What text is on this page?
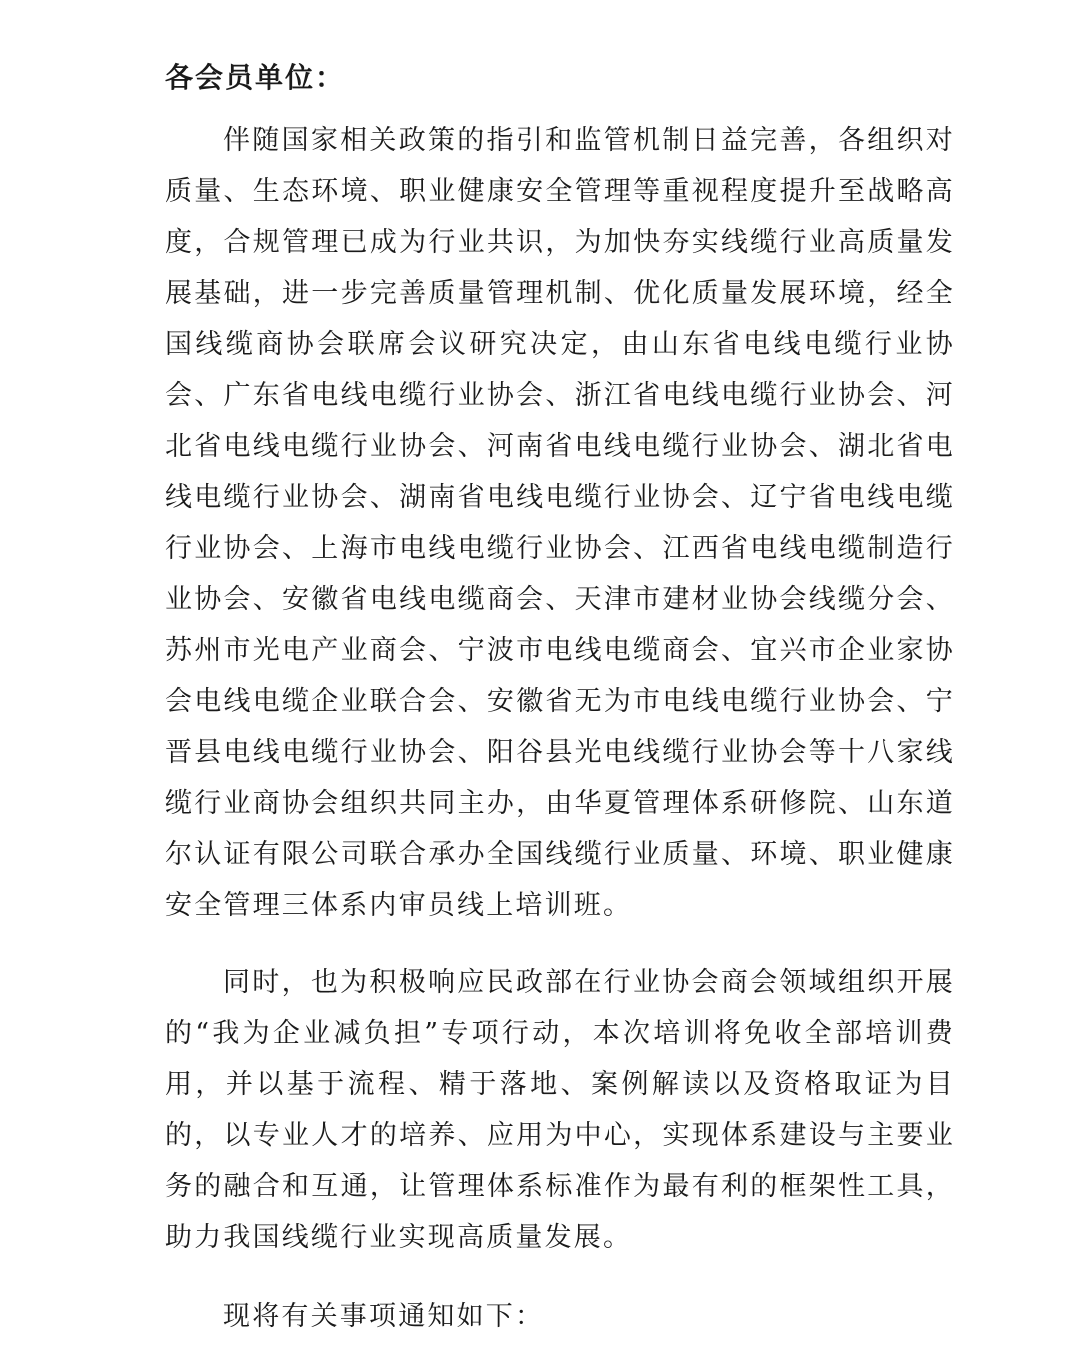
各会员单位：

伴随国家相关政策的指引和监管机制日益完善，各组织对质量、生态环境、职业健康安全管理等重视程度提升至战略高度，合规管理已成为行业共识，为加快夯实线缆行业高质量发展基础，进一步完善质量管理机制、优化质量发展环境，经全国线缆商协会联席会议研究决定，由山东省电线电缆行业协会、广东省电线电缆行业协会、浙江省电线电缆行业协会、河北省电线电缆行业协会、河南省电线电缆行业协会、湖北省电线电缆行业协会、湖南省电线电缆行业协会、辽宁省电线电缆行业协会、上海市电线电缆行业协会、江西省电线电缆制造行业协会、安徽省电线电缆商会、天津市建材业协会线缆分会、苏州市光电产业商会、宁波市电线电缆商会、宜兴市企业家协会电线电缆企业联合会、安徽省无为市电线电缆行业协会、宁晋县电线电缆行业协会、阳谷县光电线缆行业协会等十八家线缆行业商协会组织共同主办，由华夏管理体系研修院、山东道尔认证有限公司联合承办全国线缆行业质量、环境、职业健康安全管理三体系内审员线上培训班。

同时，也为积极响应民政部在行业协会商会领域组织开展的“我为企业减负担”专项行动，本次培训将免收全部培训费用，并以基于流程、精于落地、案例解读以及资格取证为目的，以专业人才的培养、应用为中心，实现体系建设与主要业务的融合和互通，让管理体系标准作为最有利的框架性工具，助力我国线缆行业实现高质量发展。

现将有关事项通知如下：
